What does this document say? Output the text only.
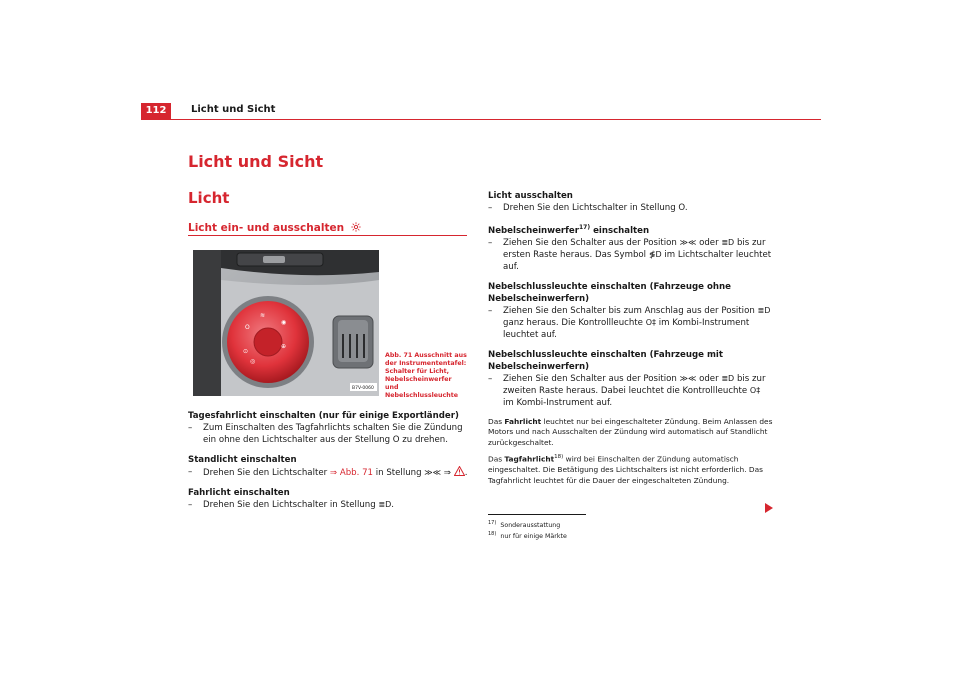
112	Licht und Sicht
Licht und Sicht
Licht
Licht ein- und ausschalten
≋
◉
O
⊙
◎
⊕
B7V-0060
Abb. 71 Ausschnitt aus der Instrumententafel: Schalter für Licht, Nebelscheinwerfer und Nebelschlussleuchte
Tagesfahrlicht einschalten (nur für einige Exportländer)
– Zum Einschalten des Tagfahrlichts schalten Sie die Zündung ein ohne den Lichtschalter aus der Stellung O zu drehen.
Standlicht einschalten
– Drehen Sie den Lichtschalter ⇒ Abb. 71 in Stellung ≫≪ ⇒ .
Fahrlicht einschalten
– Drehen Sie den Lichtschalter in Stellung ≣D.
Licht ausschalten
– Drehen Sie den Lichtschalter in Stellung O.
Nebelscheinwerfer$^{17)}$ einschalten
– Ziehen Sie den Schalter aus der Position ≫≪ oder ≣D bis zur ersten Raste heraus. Das Symbol ≸D im Lichtschalter leuchtet auf.
Nebelschlussleuchte einschalten (Fahrzeuge ohne Nebelscheinwerfern)
– Ziehen Sie den Schalter bis zum Anschlag aus der Position ≣D ganz heraus. Die Kontrollleuchte O‡ im Kombi-Instrument leuchtet auf.
Nebelschlussleuchte einschalten (Fahrzeuge mit Nebelscheinwerfern)
– Ziehen Sie den Schalter aus der Position ≫≪ oder ≣D bis zur zweiten Raste heraus. Dabei leuchtet die Kontrollleuchte O‡ im Kombi-Instrument auf.
Das Fahrlicht leuchtet nur bei eingeschalteter Zündung. Beim Anlassen des Motors und nach Ausschalten der Zündung wird automatisch auf Standlicht zurückgeschaltet.
Das Tagfahrlicht$^{18)}$ wird bei Einschalten der Zündung automatisch eingeschaltet. Die Betätigung des Lichtschalters ist nicht erforderlich. Das Tagfahrlicht leuchtet für die Dauer der eingeschalteten Zündung.
$^{17)}$ Sonderausstattung
$^{18)}$ nur für einige Märkte
